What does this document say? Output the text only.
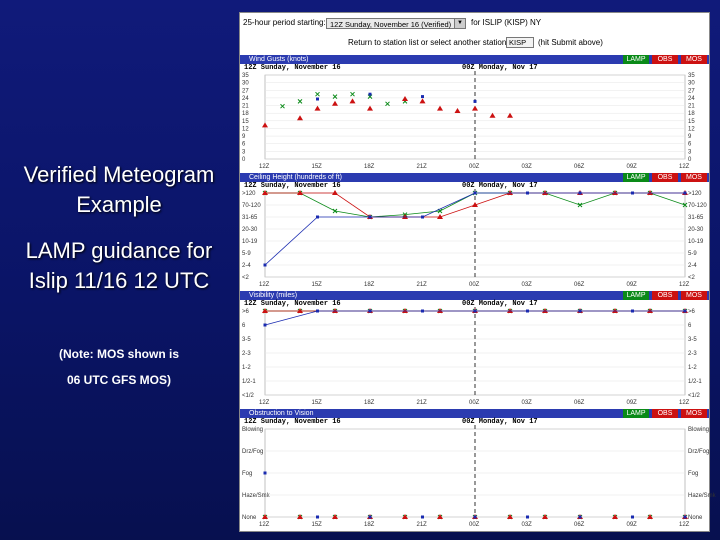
Verified Meteogram
Example
LAMP guidance for
Islip 11/16 12 UTC
(Note: MOS shown is
06 UTC GFS MOS)
25-hour period starting: 12Z Sunday, November 16 (Verified) ▼ for ISLIP (KISP) NY
Return to station list or select another station KISP	(hit Submit above)
Wind Gusts (knots)	LAMP	OBS	MOS
12Z Sunday, November 16	00Z Monday, Nov 17
35	35
30	30
27	27
24	24
21	21
18	18
15	15
12	12
9	9
6	6
3	3
0	0
12Z	15Z	18Z	21Z	00Z	03Z	06Z	09Z	12Z
Ceiling Height (hundreds of ft)	LAMP	OBS	MOS
12Z Sunday, November 16	00Z Monday, Nov 17
>120	>120
70-120	70-120
31-65	31-65
20-30	20-30
10-19	10-19
5-9	5-9
2-4	2-4
<2	<2
12Z	15Z	18Z	21Z	00Z	03Z	06Z	09Z	12Z
Visibility (miles)	LAMP	OBS	MOS
12Z Sunday, November 16	00Z Monday, Nov 17
>6	>6
6	6
3-5	3-5
2-3	2-3
1-2	1-2
1/2-1	1/2-1
<1/2	<1/2
12Z	15Z	18Z	21Z	00Z	03Z	06Z	09Z	12Z
Obstruction to Vision	LAMP	OBS	MOS
12Z Sunday, November 16	00Z Monday, Nov 17
Blowing	Blowing
Drz/Fog	Drz/Fog
Fog	Fog
Haze/Smk	Haze/Smk
None	None
12Z	15Z	18Z	21Z	00Z	03Z	06Z	09Z	12Z
